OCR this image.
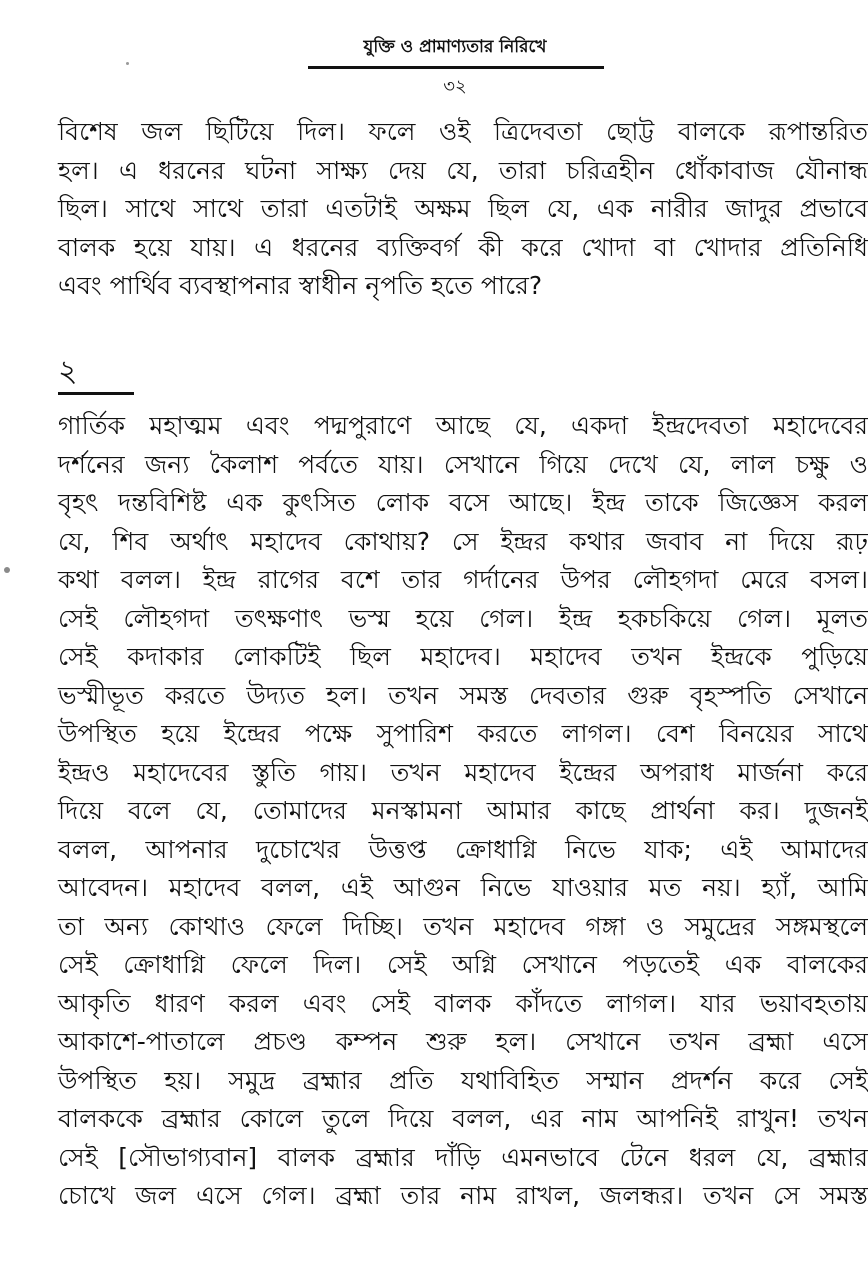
যুক্তি ও প্রামাণ্যতার নিরিখে
৩২
বিশেষ জল ছিটিয়ে দিল। ফলে ওই ত্রিদেবতা ছোট্ট বালকে রূপান্তরিত
হল। এ ধরনের ঘটনা সাক্ষ্য দেয় যে, তারা চরিত্রহীন ধোঁকাবাজ যৌনান্ধ
ছিল। সাথে সাথে তারা এতটাই অক্ষম ছিল যে, এক নারীর জাদুর প্রভাবে
বালক হয়ে যায়। এ ধরনের ব্যক্তিবর্গ কী করে খোদা বা খোদার প্রতিনিধি
এবং পার্থিব ব্যবস্থাপনার স্বাধীন নৃপতি হতে পারে?
২
গার্তিক মহাত্মম এবং পদ্মপুরাণে আছে যে, একদা ইন্দ্রদেবতা মহাদেবের
দর্শনের জন্য কৈলাশ পর্বতে যায়। সেখানে গিয়ে দেখে যে, লাল চক্ষু ও
বৃহৎ দন্তবিশিষ্ট এক কুৎসিত লোক বসে আছে। ইন্দ্র তাকে জিজ্ঞেস করল
যে, শিব অর্থাৎ মহাদেব কোথায়? সে ইন্দ্রর কথার জবাব না দিয়ে রূঢ়
কথা বলল। ইন্দ্র রাগের বশে তার গর্দানের উপর লৌহগদা মেরে বসল।
সেই লৌহগদা তৎক্ষণাৎ ভস্ম হয়ে গেল। ইন্দ্র হকচকিয়ে গেল। মূলত
সেই কদাকার লোকটিই ছিল মহাদেব। মহাদেব তখন ইন্দ্রকে পুড়িয়ে
ভস্মীভূত করতে উদ্যত হল। তখন সমস্ত দেবতার গুরু বৃহস্পতি সেখানে
উপস্থিত হয়ে ইন্দ্রের পক্ষে সুপারিশ করতে লাগল। বেশ বিনয়ের সাথে
ইন্দ্রও মহাদেবের স্তুতি গায়। তখন মহাদেব ইন্দ্রের অপরাধ মার্জনা করে
দিয়ে বলে যে, তোমাদের মনস্কামনা আমার কাছে প্রার্থনা কর। দুজনই
বলল, আপনার দুচোখের উত্তপ্ত ক্রোধাগ্নি নিভে যাক; এই আমাদের
আবেদন। মহাদেব বলল, এই আগুন নিভে যাওয়ার মত নয়। হ্যাঁ, আমি
তা অন্য কোথাও ফেলে দিচ্ছি। তখন মহাদেব গঙ্গা ও সমুদ্রের সঙ্গমস্থলে
সেই ক্রোধাগ্নি ফেলে দিল। সেই অগ্নি সেখানে পড়তেই এক বালকের
আকৃতি ধারণ করল এবং সেই বালক কাঁদতে লাগল। যার ভয়াবহতায়
আকাশে-পাতালে প্রচণ্ড কম্পন শুরু হল। সেখানে তখন ব্রহ্মা এসে
উপস্থিত হয়। সমুদ্র ব্রহ্মার প্রতি যথাবিহিত সম্মান প্রদর্শন করে সেই
বালককে ব্রহ্মার কোলে তুলে দিয়ে বলল, এর নাম আপনিই রাখুন! তখন
সেই [সৌভাগ্যবান] বালক ব্রহ্মার দাঁড়ি এমনভাবে টেনে ধরল যে, ব্রহ্মার
চোখে জল এসে গেল। ব্রহ্মা তার নাম রাখল, জলন্ধর। তখন সে সমস্ত
